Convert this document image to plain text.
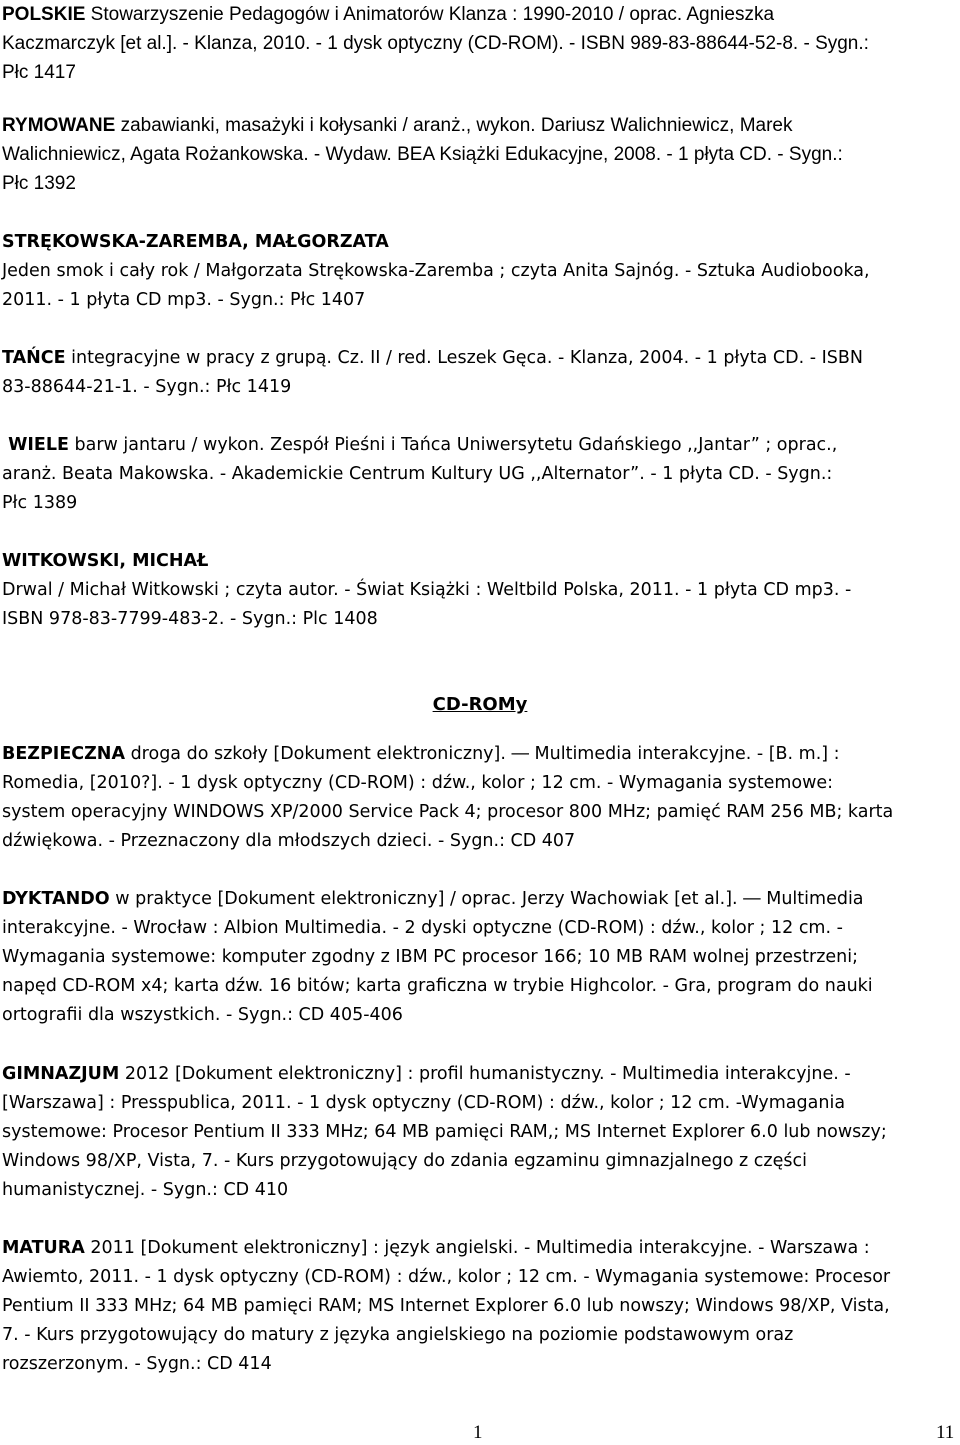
POLSKIE Stowarzyszenie Pedagogów i Animatorów Klanza : 1990-2010 / oprac. Agnieszka
Kaczmarczyk [et al.]. - Klanza, 2010. - 1 dysk optyczny (CD-ROM). - ISBN 989-83-88644-52-8. - Sygn.:
Płc 1417

RYMOWANE zabawianki, masażyki i kołysanki / aranż., wykon. Dariusz Walichniewicz, Marek
Walichniewicz, Agata Rożankowska. - Wydaw. BEA Książki Edukacyjne, 2008. - 1 płyta CD. - Sygn.:
Płc 1392

STRĘKOWSKA-ZAREMBA, MAŁGORZATA
Jeden smok i cały rok / Małgorzata Strękowska-Zaremba ; czyta Anita Sajnóg. - Sztuka Audiobooka,
2011. - 1 płyta CD mp3. - Sygn.: Płc 1407

TAŃCE integracyjne w pracy z grupą. Cz. II / red. Leszek Gęca. - Klanza, 2004. - 1 płyta CD. - ISBN
83-88644-21-1. - Sygn.: Płc 1419

WIELE barw jantaru / wykon. Zespół Pieśni i Tańca Uniwersytetu Gdańskiego ,,Jantar” ; oprac.,
aranż. Beata Makowska. - Akademickie Centrum Kultury UG ,,Alternator”. - 1 płyta CD. - Sygn.:
Płc 1389

WITKOWSKI, MICHAŁ
Drwal / Michał Witkowski ; czyta autor. - Świat Książki : Weltbild Polska, 2011. - 1 płyta CD mp3. -
ISBN 978-83-7799-483-2. - Sygn.: Plc 1408

CD-ROMy

BEZPIECZNA droga do szkoły [Dokument elektroniczny]. ― Multimedia interakcyjne. - [B. m.] :
Romedia, [2010?]. - 1 dysk optyczny (CD-ROM) : dźw., kolor ; 12 cm. - Wymagania systemowe:
system operacyjny WINDOWS XP/2000 Service Pack 4; procesor 800 MHz; pamięć RAM 256 MB; karta
dźwiękowa. - Przeznaczony dla młodszych dzieci. - Sygn.: CD 407

DYKTANDO w praktyce [Dokument elektroniczny] / oprac. Jerzy Wachowiak [et al.]. ― Multimedia
interakcyjne. - Wrocław : Albion Multimedia. - 2 dyski optyczne (CD-ROM) : dźw., kolor ; 12 cm. -
Wymagania systemowe: komputer zgodny z IBM PC procesor 166; 10 MB RAM wolnej przestrzeni;
napęd CD-ROM x4; karta dźw. 16 bitów; karta graficzna w trybie Highcolor. - Gra, program do nauki
ortografii dla wszystkich. - Sygn.: CD 405-406

GIMNAZJUM 2012 [Dokument elektroniczny] : profil humanistyczny. - Multimedia interakcyjne. -
[Warszawa] : Presspublica, 2011. - 1 dysk optyczny (CD-ROM) : dźw., kolor ; 12 cm. -Wymagania
systemowe: Procesor Pentium II 333 MHz; 64 MB pamięci RAM,; MS Internet Explorer 6.0 lub nowszy;
Windows 98/XP, Vista, 7. - Kurs przygotowujący do zdania egzaminu gimnazjalnego z części
humanistycznej. - Sygn.: CD 410

MATURA 2011 [Dokument elektroniczny] : język angielski. - Multimedia interakcyjne. - Warszawa :
Awiemto, 2011. - 1 dysk optyczny (CD-ROM) : dźw., kolor ; 12 cm. - Wymagania systemowe: Procesor
Pentium II 333 MHz; 64 MB pamięci RAM; MS Internet Explorer 6.0 lub nowszy; Windows 98/XP, Vista,
7. - Kurs przygotowujący do matury z języka angielskiego na poziomie podstawowym oraz
rozszerzonym. - Sygn.: CD 414

1	11
